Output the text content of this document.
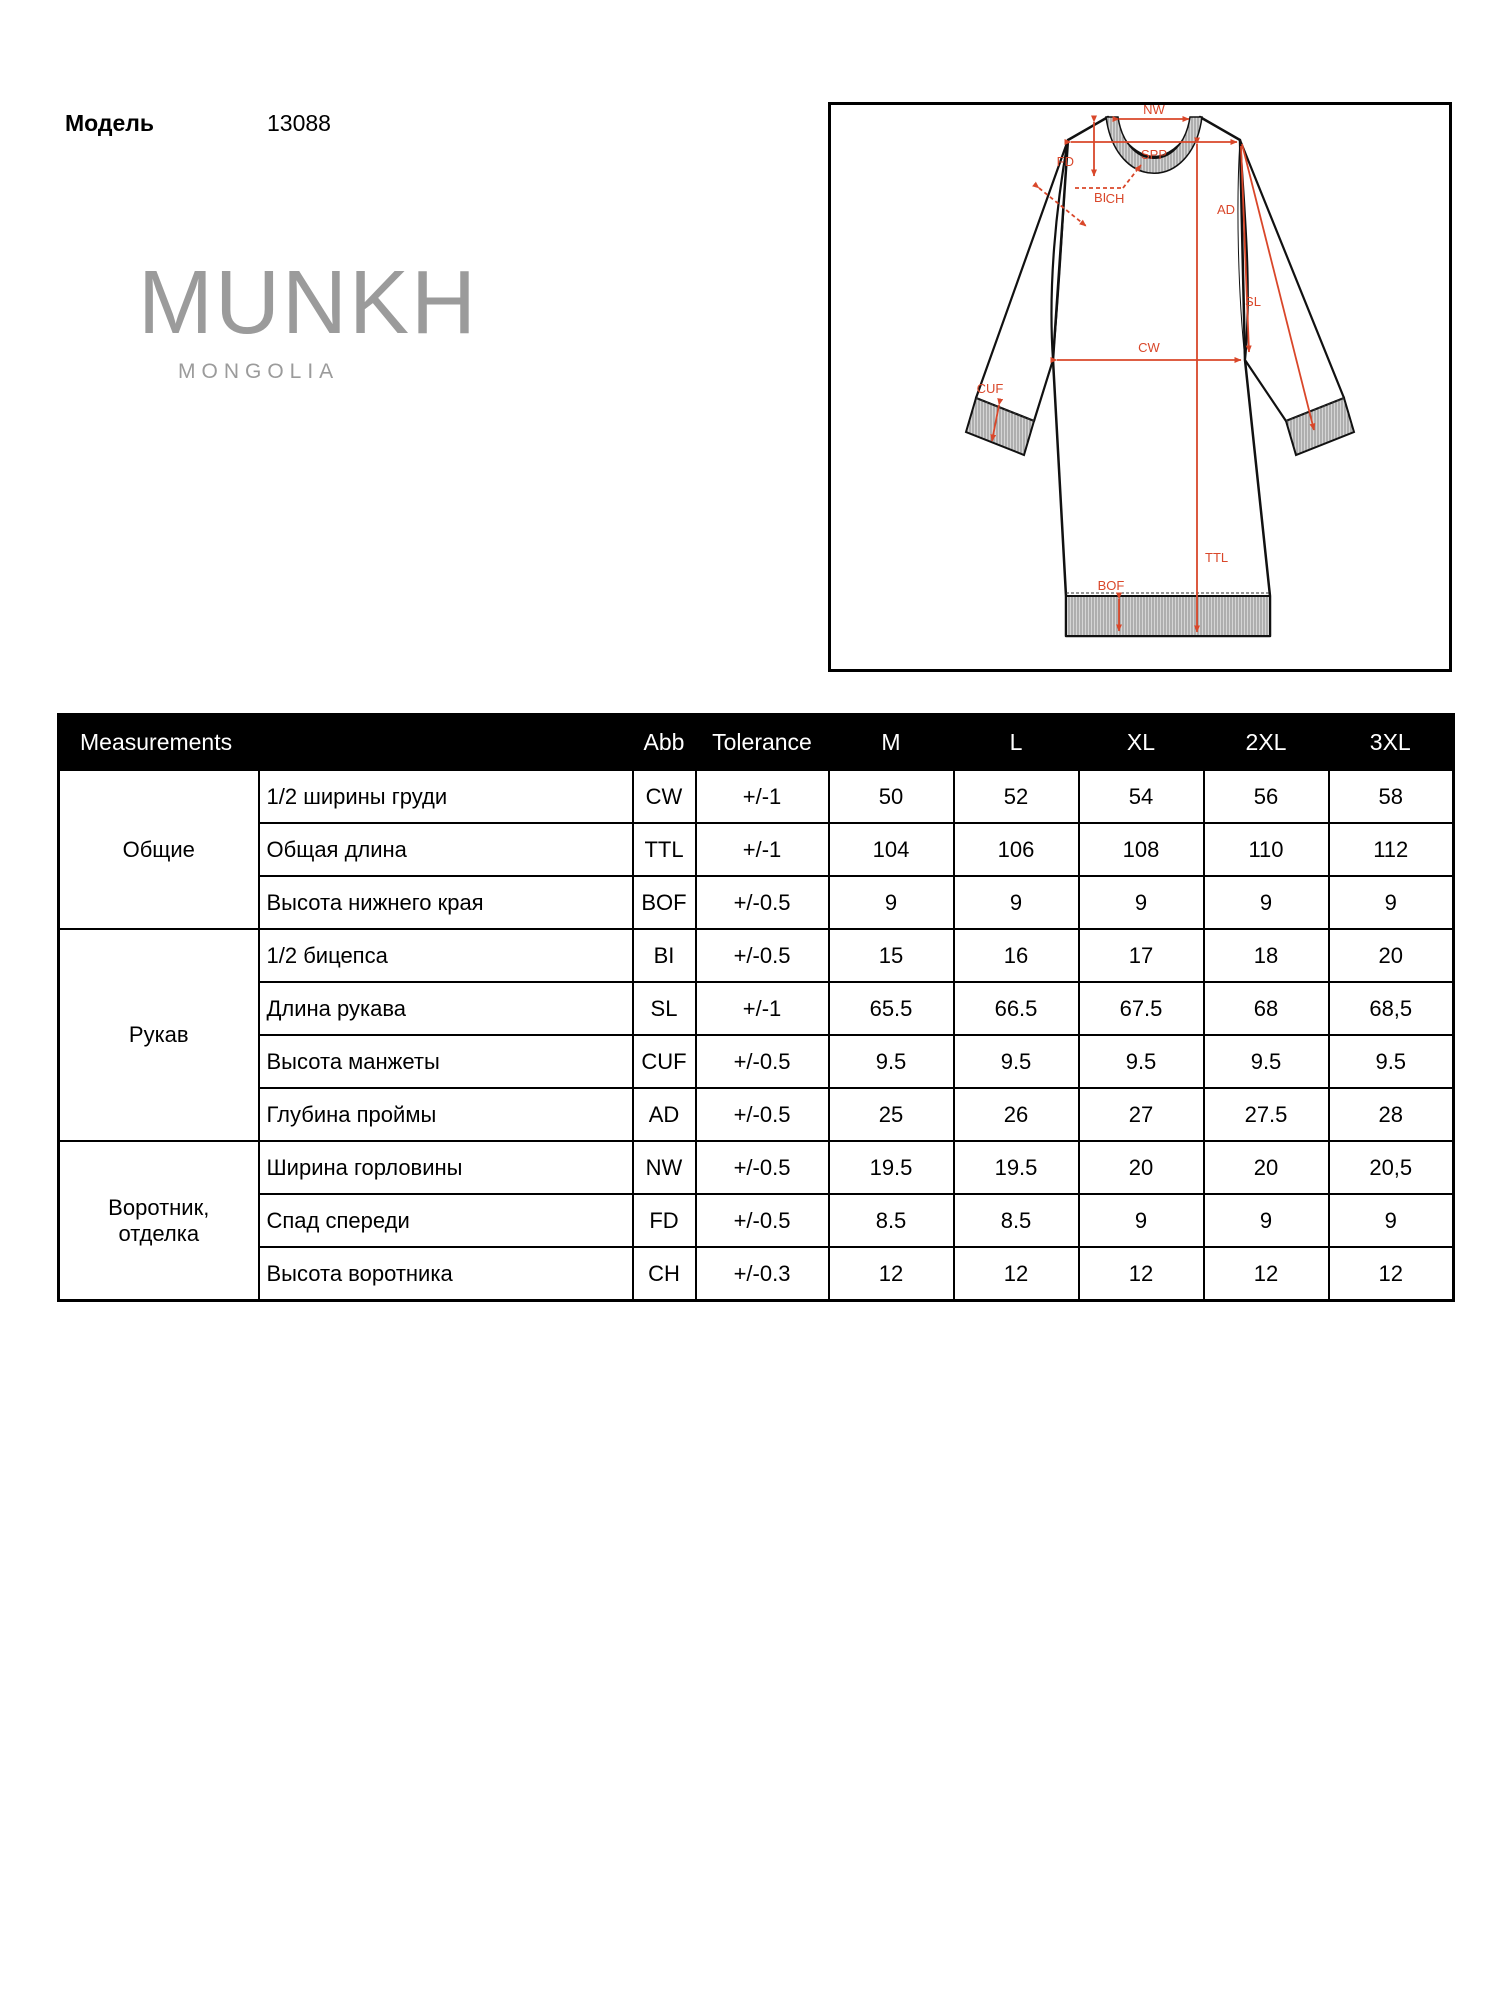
Модель	13088
MUNKH
MONGOLIA
NW
SPP
FD
CH
BI
CW
AD
SL
CUF
TTL
BOF
Measurements		Abb	Tolerance	M	L	XL	2XL	3XL
Общие	1/2 ширины груди	CW	+/-1	50	52	54	56	58
	Общая длина	TTL	+/-1	104	106	108	110	112
	Высота нижнего края	BOF	+/-0.5	9	9	9	9	9
Рукав	1/2 бицепса	BI	+/-0.5	15	16	17	18	20
	Длина рукава	SL	+/-1	65.5	66.5	67.5	68	68,5
	Высота манжеты	CUF	+/-0.5	9.5	9.5	9.5	9.5	9.5
	Глубина проймы	AD	+/-0.5	25	26	27	27.5	28
Воротник, отделка	Ширина горловины	NW	+/-0.5	19.5	19.5	20	20	20,5
	Спад спереди	FD	+/-0.5	8.5	8.5	9	9	9
	Высота воротника	CH	+/-0.3	12	12	12	12	12
